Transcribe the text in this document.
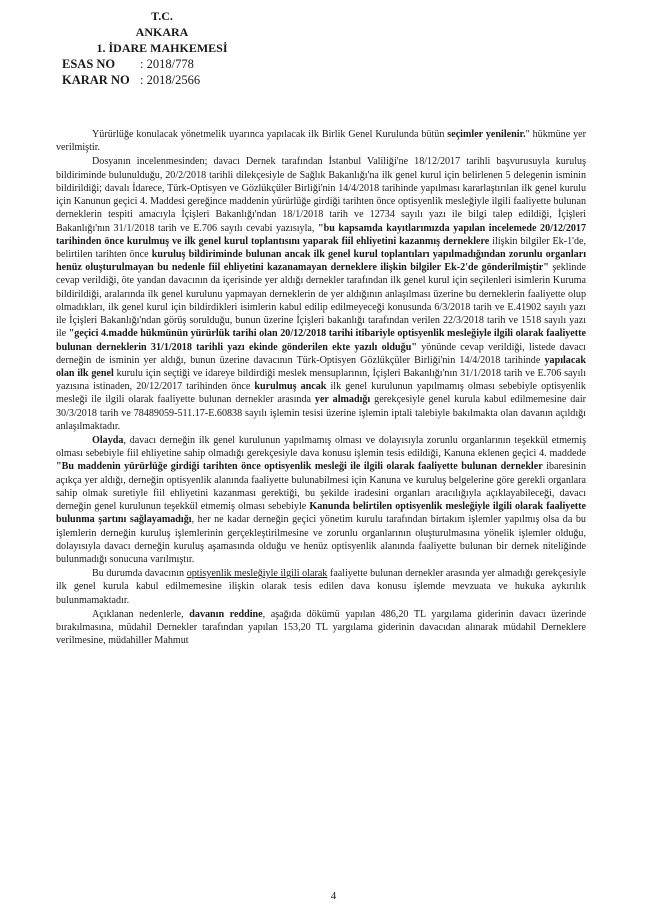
T.C.
ANKARA
1. İDARE MAHKEMESİ
ESAS NO	: 2018/778
KARAR NO : 2018/2566

Yürürlüğe konulacak yönetmelik uyarınca yapılacak ilk Birlik Genel Kurulunda bütün seçimler yenilenir." hükmüne yer verilmiştir.

Dosyanın incelenmesinden; davacı Dernek tarafından İstanbul Valiliği'ne 18/12/2017 tarihli başvurusuyla kuruluş bildiriminde bulunulduğu, 20/2/2018 tarihli dilekçesiyle de Sağlık Bakanlığı'na ilk genel kurul için belirlenen 5 delegenin isminin bildirildiği; davalı İdarece, Türk-Optisyen ve Gözlükçüler Birliği'nin 14/4/2018 tarihinde yapılması kararlaştırılan ilk genel kurulu için Kanunun geçici 4. Maddesi gereğince maddenin yürürlüğe girdiği tarihten önce optisyenlik mesleğiyle ilgili faaliyette bulunan derneklerin tespiti amacıyla İçişleri Bakanlığı'ndan 18/1/2018 tarih ve 12734 sayılı yazı ile bilgi talep edildiği, İçişleri Bakanlığı'nın 31/1/2018 tarih ve E.706 sayılı cevabi yazısıyla, "bu kapsamda kayıtlarımızda yapılan incelemede 20/12/2017 tarihinden önce kurulmuş ve ilk genel kurul toplantısını yaparak fiil ehliyetini kazanmış derneklere ilişkin bilgiler Ek-1'de, belirtilen tarihten önce kuruluş bildiriminde bulunan ancak ilk genel kurul toplantıları yapılmadığından zorunlu organları henüz oluşturulmayan bu nedenle fiil ehliyetini kazanamayan derneklere ilişkin bilgiler Ek-2'de gönderilmiştir" şeklinde cevap verildiği, öte yandan davacının da içerisinde yer aldığı dernekler tarafından ilk genel kurul için seçilenleri isimlerin Kuruma bildirildiği, aralarında ilk genel kurulunu yapmayan derneklerin de yer aldığının anlaşılması üzerine bu derneklerin faaliyette olup olmadıkları, ilk genel kurul için bildirdikleri isimlerin kabul edilip edilmeyeceği konusunda 6/3/2018 tarih ve E.41902 sayılı yazı ile İçişleri Bakanlığı'ndan görüş sorulduğu, bunun üzerine İçişleri bakanlığı tarafından verilen 22/3/2018 tarih ve 1518 sayılı yazı ile "geçici 4.madde hükmünün yürürlük tarihi olan 20/12/2018 tarihi itibariyle optisyenlik mesleğiyle ilgili olarak faaliyette bulunan derneklerin 31/1/2018 tarihli yazı ekinde gönderilen ekte yazılı olduğu" yönünde cevap verildiği, listede davacı derneğin de isminin yer aldığı, bunun üzerine davacının Türk-Optisyen Gözlükçüler Birliği'nin 14/4/2018 tarihinde yapılacak olan ilk genel kurulu için seçtiği ve idareye bildirdiği meslek mensuplarının, İçişleri Bakanlığı'nın 31/1/2018 tarih ve E.706 sayılı yazısına istinaden, 20/12/2017 tarihinden önce kurulmuş ancak ilk genel kurulunun yapılmamış olması sebebiyle optisyenlik mesleği ile ilgili olarak faaliyette bulunan dernekler arasında yer almadığı gerekçesiyle genel kurula kabul edilmemesine dair 30/3/2018 tarih ve 78489059-511.17-E.60838 sayılı işlemin tesisi üzerine işlemin iptali talebiyle bakılmakta olan davanın açıldığı anlaşılmaktadır.

Olayda, davacı derneğin ilk genel kurulunun yapılmamış olması ve dolayısıyla zorunlu organlarının teşekkül etmemiş olması sebebiyle fiil ehliyetine sahip olmadığı gerekçesiyle dava konusu işlemin tesis edildiği, Kanuna eklenen geçici 4. maddede "Bu maddenin yürürlüğe girdiği tarihten önce optisyenlik mesleği ile ilgili olarak faaliyette bulunan dernekler ibaresinin açıkça yer aldığı, derneğin optisyenlik alanında faaliyette bulunabilmesi için Kanuna ve kuruluş belgelerine göre gerekli organlara sahip olmak suretiyle fiil ehliyetini kazanması gerektiği, bu şekilde iradesini organları aracılığıyla açıklayabileceği, davacı derneğin genel kurulunun teşekkül etmemiş olması sebebiyle Kanunda belirtilen optisyenlik mesleğiyle ilgili olarak faaliyette bulunma şartını sağlayamadığı, her ne kadar derneğin geçici yönetim kurulu tarafından birtakım işlemler yapılmış olsa da bu işlemlerin derneğin kuruluş işlemlerinin gerçekleştirilmesine ve zorunlu organlarının oluşturulmasına yönelik işlemler olduğu, dolayısıyla davacı derneğin kuruluş aşamasında olduğu ve henüz optisyenlik alanında faaliyette bulunan bir dernek niteliğinde bulunmadığı sonucuna varılmıştır.

Bu durumda davacının optisyenlik mesleğiyle ilgili olarak faaliyette bulunan dernekler arasında yer almadığı gerekçesiyle ilk genel kurula kabul edilmemesine ilişkin olarak tesis edilen dava konusu işlemde mevzuata ve hukuka aykırılık bulunmamaktadır.

Açıklanan nedenlerle, davanın reddine, aşağıda dökümü yapılan 486,20 TL yargılama giderinin davacı üzerinde bırakılmasına, müdahil Dernekler tarafından yapılan 153,20 TL yargılama giderinin davacıdan alınarak müdahil Derneklere verilmesine, müdahiller Mahmut

4
